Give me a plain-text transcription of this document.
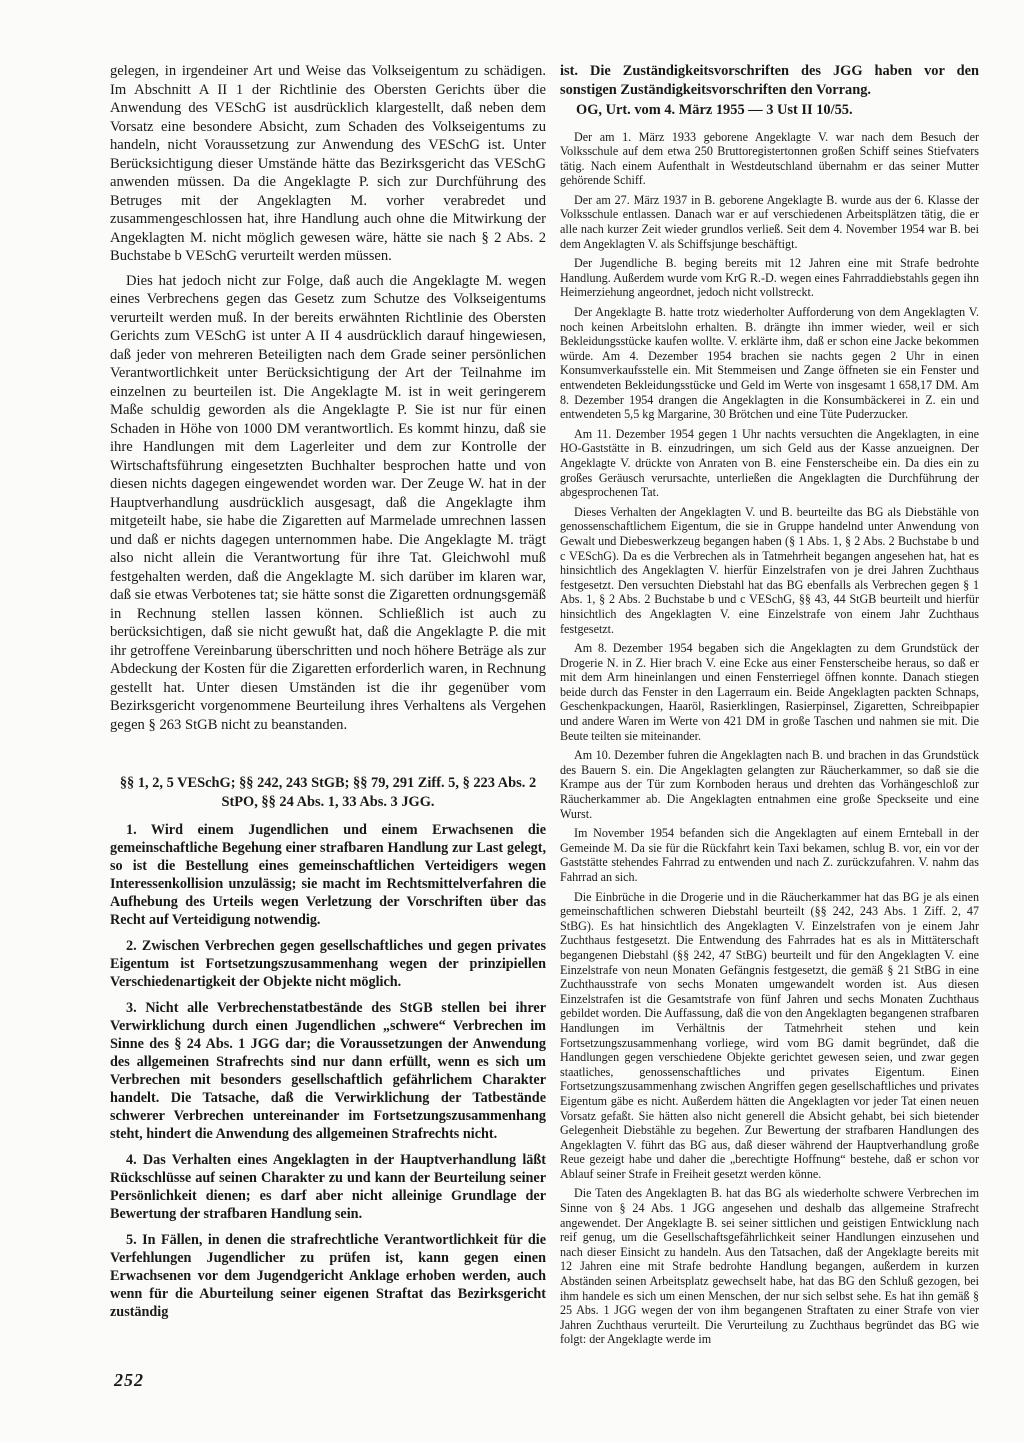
gelegen, in irgendeiner Art und Weise das Volkseigentum zu schädigen. Im Abschnitt A II 1 der Richtlinie des Obersten Gerichts über die Anwendung des VESchG ist ausdrücklich klargestellt, daß neben dem Vorsatz eine besondere Absicht, zum Schaden des Volkseigentums zu handeln, nicht Voraussetzung zur Anwendung des VESchG ist. Unter Berücksichtigung dieser Umstände hätte das Bezirksgericht das VESchG anwenden müssen. Da die Angeklagte P. sich zur Durchführung des Betruges mit der Angeklagten M. vorher verabredet und zusammengeschlossen hat, ihre Handlung auch ohne die Mitwirkung der Angeklagten M. nicht möglich gewesen wäre, hätte sie nach § 2 Abs. 2 Buchstabe b VESchG verurteilt werden müssen.

Dies hat jedoch nicht zur Folge, daß auch die Angeklagte M. wegen eines Verbrechens gegen das Gesetz zum Schutze des Volkseigentums verurteilt werden muß. In der bereits erwähnten Richtlinie des Obersten Gerichts zum VESchG ist unter A II 4 ausdrücklich darauf hingewiesen, daß jeder von mehreren Beteiligten nach dem Grade seiner persönlichen Verantwortlichkeit unter Berücksichtigung der Art der Teilnahme im einzelnen zu beurteilen ist. Die Angeklagte M. ist in weit geringerem Maße schuldig geworden als die Angeklagte P. Sie ist nur für einen Schaden in Höhe von 1000 DM verantwortlich. Es kommt hinzu, daß sie ihre Handlungen mit dem Lagerleiter und dem zur Kontrolle der Wirtschaftsführung eingesetzten Buchhalter besprochen hatte und von diesen nichts dagegen eingewendet worden war. Der Zeuge W. hat in der Hauptverhandlung ausdrücklich ausgesagt, daß die Angeklagte ihm mitgeteilt habe, sie habe die Zigaretten auf Marmelade umrechnen lassen und daß er nichts dagegen unternommen habe. Die Angeklagte M. trägt also nicht allein die Verantwortung für ihre Tat. Gleichwohl muß festgehalten werden, daß die Angeklagte M. sich darüber im klaren war, daß sie etwas Verbotenes tat; sie hätte sonst die Zigaretten ordnungsgemäß in Rechnung stellen lassen können. Schließlich ist auch zu berücksichtigen, daß sie nicht gewußt hat, daß die Angeklagte P. die mit ihr getroffene Vereinbarung überschritten und noch höhere Beträge als zur Abdeckung der Kosten für die Zigaretten erforderlich waren, in Rechnung gestellt hat. Unter diesen Umständen ist die ihr gegenüber vom Bezirksgericht vorgenommene Beurteilung ihres Verhaltens als Vergehen gegen § 263 StGB nicht zu beanstanden.

§§ 1, 2, 5 VESchG; §§ 242, 243 StGB; §§ 79, 291 Ziff. 5, § 223 Abs. 2 StPO, §§ 24 Abs. 1, 33 Abs. 3 JGG.

1. Wird einem Jugendlichen und einem Erwachsenen die gemeinschaftliche Begehung einer strafbaren Handlung zur Last gelegt, so ist die Bestellung eines gemeinschaftlichen Verteidigers wegen Interessenkollision unzulässig; sie macht im Rechtsmittelverfahren die Aufhebung des Urteils wegen Verletzung der Vorschriften über das Recht auf Verteidigung notwendig.

2. Zwischen Verbrechen gegen gesellschaftliches und gegen privates Eigentum ist Fortsetzungszusammenhang wegen der prinzipiellen Verschiedenartigkeit der Objekte nicht möglich.

3. Nicht alle Verbrechenstatbestände des StGB stellen bei ihrer Verwirklichung durch einen Jugendlichen „schwere“ Verbrechen im Sinne des § 24 Abs. 1 JGG dar; die Voraussetzungen der Anwendung des allgemeinen Strafrechts sind nur dann erfüllt, wenn es sich um Verbrechen mit besonders gesellschaftlich gefährlichem Charakter handelt. Die Tatsache, daß die Verwirklichung der Tatbestände schwerer Verbrechen untereinander im Fortsetzungszusammenhang steht, hindert die Anwendung des allgemeinen Strafrechts nicht.

4. Das Verhalten eines Angeklagten in der Hauptverhandlung läßt Rückschlüsse auf seinen Charakter zu und kann der Beurteilung seiner Persönlichkeit dienen; es darf aber nicht alleinige Grundlage der Bewertung der strafbaren Handlung sein.

5. In Fällen, in denen die strafrechtliche Verantwortlichkeit für die Verfehlungen Jugendlicher zu prüfen ist, kann gegen einen Erwachsenen vor dem Jugendgericht Anklage erhoben werden, auch wenn für die Aburteilung seiner eigenen Straftat das Bezirksgericht zuständig

ist. Die Zuständigkeitsvorschriften des JGG haben vor den sonstigen Zuständigkeitsvorschriften den Vorrang.

OG, Urt. vom 4. März 1955 — 3 Ust II 10/55.

Der am 1. März 1933 geborene Angeklagte V. war nach dem Besuch der Volksschule auf dem etwa 250 Bruttoregistertonnen großen Schiff seines Stiefvaters tätig. Nach einem Aufenthalt in Westdeutschland übernahm er das seiner Mutter gehörende Schiff.

Der am 27. März 1937 in B. geborene Angeklagte B. wurde aus der 6. Klasse der Volksschule entlassen. Danach war er auf verschiedenen Arbeitsplätzen tätig, die er alle nach kurzer Zeit wieder grundlos verließ. Seit dem 4. November 1954 war B. bei dem Angeklagten V. als Schiffsjunge beschäftigt.

Der Jugendliche B. beging bereits mit 12 Jahren eine mit Strafe bedrohte Handlung. Außerdem wurde vom KrG R.-D. wegen eines Fahrraddiebstahls gegen ihn Heimerziehung angeordnet, jedoch nicht vollstreckt.

Der Angeklagte B. hatte trotz wiederholter Aufforderung von dem Angeklagten V. noch keinen Arbeitslohn erhalten. B. drängte ihn immer wieder, weil er sich Bekleidungsstücke kaufen wollte. V. erklärte ihm, daß er schon eine Jacke bekommen würde. Am 4. Dezember 1954 brachen sie nachts gegen 2 Uhr in einen Konsumverkaufsstelle ein. Mit Stemmeisen und Zange öffneten sie ein Fenster und entwendeten Bekleidungsstücke und Geld im Werte von insgesamt 1 658,17 DM. Am 8. Dezember 1954 drangen die Angeklagten in die Konsumbäckerei in Z. ein und entwendeten 5,5 kg Margarine, 30 Brötchen und eine Tüte Puderzucker.

Am 11. Dezember 1954 gegen 1 Uhr nachts versuchten die Angeklagten, in eine HO-Gaststätte in B. einzudringen, um sich Geld aus der Kasse anzueignen. Der Angeklagte V. drückte von Anraten von B. eine Fensterscheibe ein. Da dies ein zu großes Geräusch verursachte, unterließen die Angeklagten die Durchführung der abgesprochenen Tat.

Dieses Verhalten der Angeklagten V. und B. beurteilte das BG als Diebstähle von genossenschaftlichem Eigentum, die sie in Gruppe handelnd unter Anwendung von Gewalt und Diebeswerkzeug begangen haben (§ 1 Abs. 1, § 2 Abs. 2 Buchstabe b und c VESchG). Da es die Verbrechen als in Tatmehrheit begangen angesehen hat, hat es hinsichtlich des Angeklagten V. hierfür Einzelstrafen von je drei Jahren Zuchthaus festgesetzt. Den versuchten Diebstahl hat das BG ebenfalls als Verbrechen gegen § 1 Abs. 1, § 2 Abs. 2 Buchstabe b und c VESchG, §§ 43, 44 StGB beurteilt und hierfür hinsichtlich des Angeklagten V. eine Einzelstrafe von einem Jahr Zuchthaus festgesetzt.

Am 8. Dezember 1954 begaben sich die Angeklagten zu dem Grundstück der Drogerie N. in Z. Hier brach V. eine Ecke aus einer Fensterscheibe heraus, so daß er mit dem Arm hineinlangen und einen Fensterriegel öffnen konnte. Danach stiegen beide durch das Fenster in den Lagerraum ein. Beide Angeklagten packten Schnaps, Geschenkpackungen, Haaröl, Rasierklingen, Rasierpinsel, Zigaretten, Schreibpapier und andere Waren im Werte von 421 DM in große Taschen und nahmen sie mit. Die Beute teilten sie miteinander.

Am 10. Dezember fuhren die Angeklagten nach B. und brachen in das Grundstück des Bauern S. ein. Die Angeklagten gelangten zur Räucherkammer, so daß sie die Krampe aus der Tür zum Kornboden heraus und drehten das Vorhängeschloß zur Räucherkammer ab. Die Angeklagten entnahmen eine große Speckseite und eine Wurst.

Im November 1954 befanden sich die Angeklagten auf einem Ernteball in der Gemeinde M. Da sie für die Rückfahrt kein Taxi bekamen, schlug B. vor, ein vor der Gaststätte stehendes Fahrrad zu entwenden und nach Z. zurückzufahren. V. nahm das Fahrrad an sich.

Die Einbrüche in die Drogerie und in die Räucherkammer hat das BG je als einen gemeinschaftlichen schweren Diebstahl beurteilt (§§ 242, 243 Abs. 1 Ziff. 2, 47 StBG). Es hat hinsichtlich des Angeklagten V. Einzelstrafen von je einem Jahr Zuchthaus festgesetzt. Die Entwendung des Fahrrades hat es als in Mittäterschaft begangenen Diebstahl (§§ 242, 47 StBG) beurteilt und für den Angeklagten V. eine Einzelstrafe von neun Monaten Gefängnis festgesetzt, die gemäß § 21 StBG in eine Zuchthausstrafe von sechs Monaten umgewandelt worden ist. Aus diesen Einzelstrafen ist die Gesamtstrafe von fünf Jahren und sechs Monaten Zuchthaus gebildet worden. Die Auffassung, daß die von den Angeklagten begangenen strafbaren Handlungen im Verhältnis der Tatmehrheit stehen und kein Fortsetzungszusammenhang vorliege, wird vom BG damit begründet, daß die Handlungen gegen verschiedene Objekte gerichtet gewesen seien, und zwar gegen staatliches, genossenschaftliches und privates Eigentum. Einen Fortsetzungszusammenhang zwischen Angriffen gegen gesellschaftliches und privates Eigentum gäbe es nicht. Außerdem hätten die Angeklagten vor jeder Tat einen neuen Vorsatz gefaßt. Sie hätten also nicht generell die Absicht gehabt, bei sich bietender Gelegenheit Diebstähle zu begehen. Zur Bewertung der strafbaren Handlungen des Angeklagten V. führt das BG aus, daß dieser während der Hauptverhandlung große Reue gezeigt habe und daher die „berechtigte Hoffnung“ bestehe, daß er schon vor Ablauf seiner Strafe in Freiheit gesetzt werden könne.

Die Taten des Angeklagten B. hat das BG als wiederholte schwere Verbrechen im Sinne von § 24 Abs. 1 JGG angesehen und deshalb das allgemeine Strafrecht angewendet. Der Angeklagte B. sei seiner sittlichen und geistigen Entwicklung nach reif genug, um die Gesellschaftsgefährlichkeit seiner Handlungen einzusehen und nach dieser Einsicht zu handeln. Aus den Tatsachen, daß der Angeklagte bereits mit 12 Jahren eine mit Strafe bedrohte Handlung begangen, außerdem in kurzen Abständen seinen Arbeitsplatz gewechselt habe, hat das BG den Schluß gezogen, bei ihm handele es sich um einen Menschen, der nur sich selbst sehe. Es hat ihn gemäß § 25 Abs. 1 JGG wegen der von ihm begangenen Straftaten zu einer Strafe von vier Jahren Zuchthaus verurteilt. Die Verurteilung zu Zuchthaus begründet das BG wie folgt: der Angeklagte werde im

252
